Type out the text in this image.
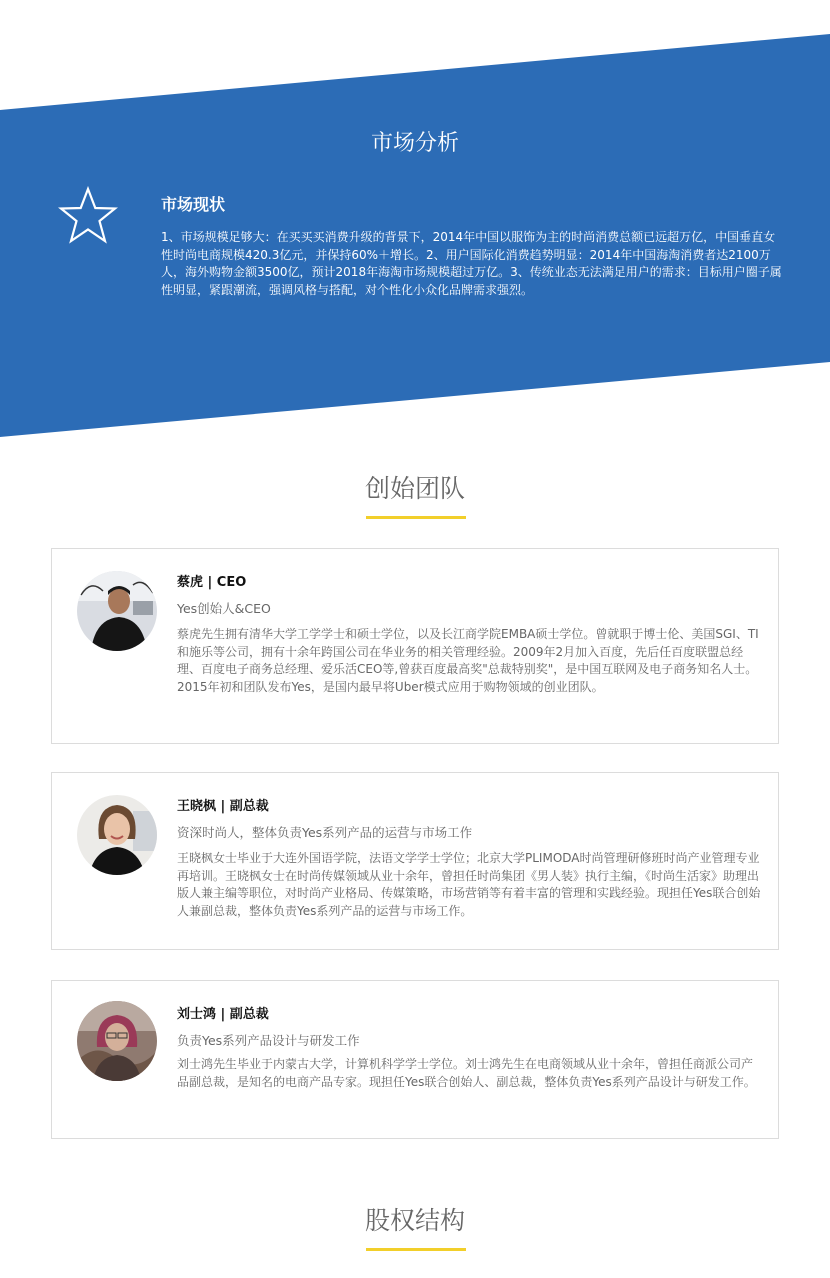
市场分析
市场现状

1、市场规模足够大：在买买买消费升级的背景下，2014年中国以服饰为主的时尚消费总额已远超万亿，中国垂直女性时尚电商规模420.3亿元，并保持60%＋增长。2、用户国际化消费趋势明显：2014年中国海淘消费者达2100万人，海外购物金额3500亿，预计2018年海淘市场规模超过万亿。3、传统业态无法满足用户的需求：目标用户圈子属性明显，紧跟潮流，强调风格与搭配，对个性化小众化品牌需求强烈。

创始团队
蔡虎 | CEO

Yes创始人&CEO

蔡虎先生拥有清华大学工学学士和硕士学位，以及长江商学院EMBA硕士学位。曾就职于博士伦、美国SGI、TI和施乐等公司，拥有十余年跨国公司在华业务的相关管理经验。2009年2月加入百度，先后任百度联盟总经理、百度电子商务总经理、爱乐活CEO等,曾获百度最高奖"总裁特别奖"，是中国互联网及电子商务知名人士。2015年初和团队发布Yes，是国内最早将Uber模式应用于购物领域的创业团队。

王晓枫 | 副总裁

资深时尚人，整体负责Yes系列产品的运营与市场工作

王晓枫女士毕业于大连外国语学院，法语文学学士学位；北京大学PLIMODA时尚管理研修班时尚产业管理专业再培训。王晓枫女士在时尚传媒领域从业十余年，曾担任时尚集团《男人装》执行主编，《时尚生活家》助理出版人兼主编等职位，对时尚产业格局、传媒策略，市场营销等有着丰富的管理和实践经验。现担任Yes联合创始人兼副总裁，整体负责Yes系列产品的运营与市场工作。

刘士鸿 | 副总裁

负责Yes系列产品设计与研发工作

刘士鸿先生毕业于内蒙古大学，计算机科学学士学位。刘士鸿先生在电商领域从业十余年，曾担任商派公司产品副总裁，是知名的电商产品专家。现担任Yes联合创始人、副总裁，整体负责Yes系列产品设计与研发工作。

股权结构
